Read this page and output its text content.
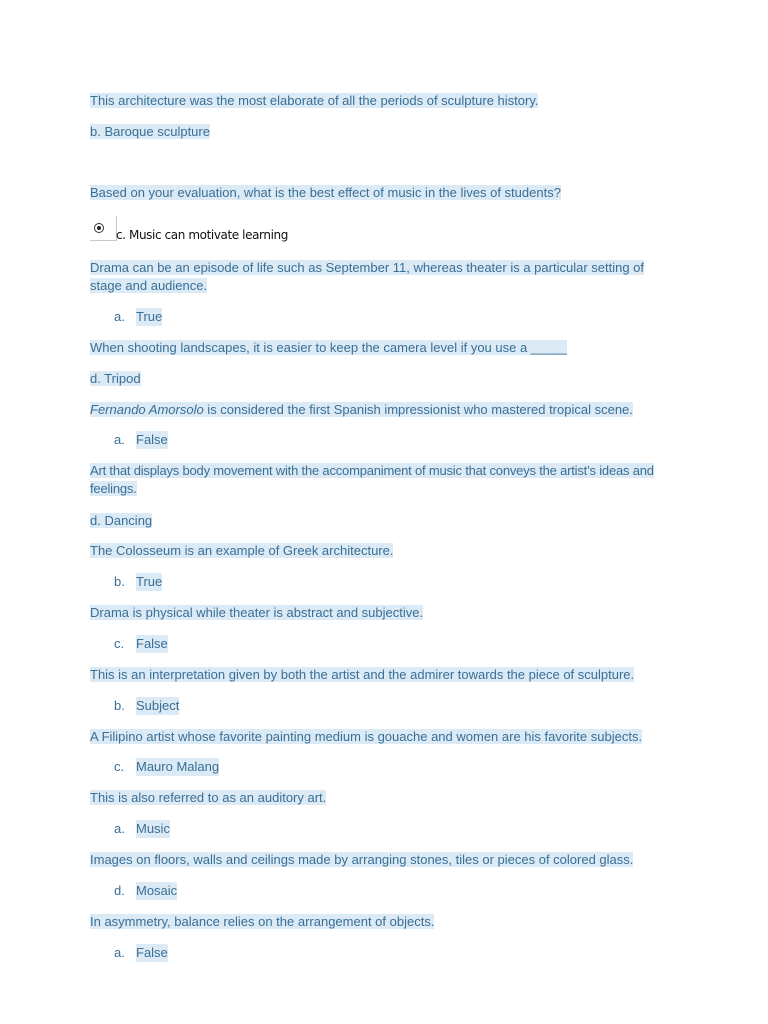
This architecture was the most elaborate of all the periods of sculpture history.
b. Baroque sculpture
Based on your evaluation, what is the best effect of music in the lives of students?
c. Music can motivate learning
Drama can be an episode of life such as September 11, whereas theater is a particular setting of stage and audience.
a. True
When shooting landscapes, it is easier to keep the camera level if you use a _____
d. Tripod
Fernando Amorsolo is considered the first Spanish impressionist who mastered tropical scene.
a. False
Art that displays body movement with the accompaniment of music that conveys the artist’s ideas and feelings.
d. Dancing
The Colosseum is an example of Greek architecture.
b. True
Drama is physical while theater is abstract and subjective.
c. False
This is an interpretation given by both the artist and the admirer towards the piece of sculpture.
b. Subject
A Filipino artist whose favorite painting medium is gouache and women are his favorite subjects.
c. Mauro Malang
This is also referred to as an auditory art.
a. Music
Images on floors, walls and ceilings made by arranging stones, tiles or pieces of colored glass.
d. Mosaic
In asymmetry, balance relies on the arrangement of objects.
a. False
